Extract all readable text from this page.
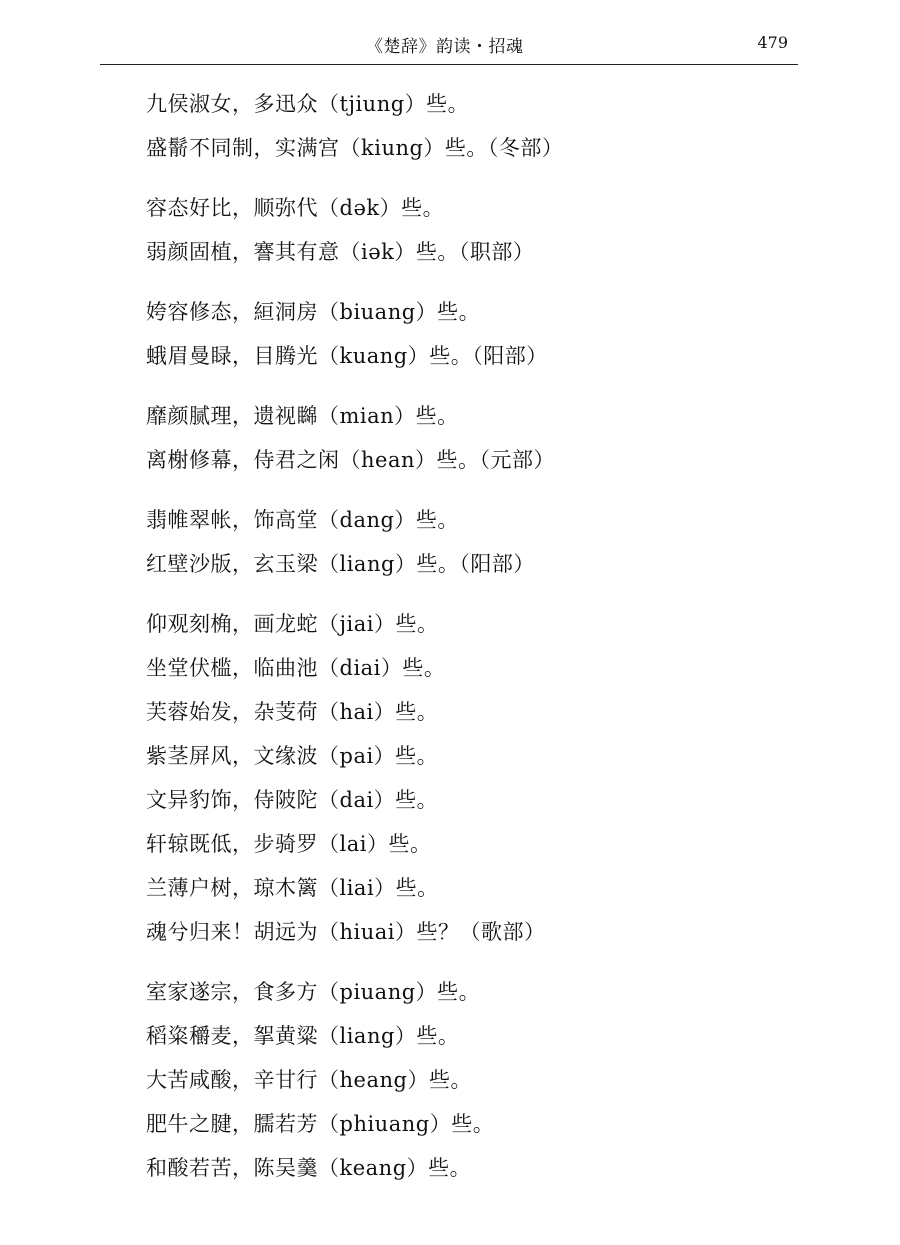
《楚辞》韵读・招魂	479
九侯淑女，多迅众（tjiung）些。
盛鬋不同制，实满宫（kiung）些。（冬部）
容态好比，顺弥代（dək）些。
弱颜固植，謇其有意（iək）些。（职部）
姱容修态，絙洞房（biuang）些。
蛾眉曼睩，目腾光（kuang）些。（阳部）
靡颜腻理，遗视矊（mian）些。
离榭修幕，侍君之闲（hean）些。（元部）
翡帷翠帐，饰高堂（dang）些。
红壁沙版，玄玉梁（liang）些。（阳部）
仰观刻桷，画龙蛇（jiai）些。
坐堂伏槛，临曲池（diai）些。
芙蓉始发，杂芰荷（hai）些。
紫茎屏风，文缘波（pai）些。
文异豹饰，侍陂陀（dai）些。
轩辌既低，步骑罗（lai）些。
兰薄户树，琼木篱（liai）些。
魂兮归来！胡远为（hiuai）些？（歌部）
室家遂宗，食多方（piuang）些。
稻粢穱麦，挐黄粱（liang）些。
大苦咸酸，辛甘行（heang）些。
肥牛之腱，臑若芳（phiuang）些。
和酸若苦，陈吴羹（keang）些。
